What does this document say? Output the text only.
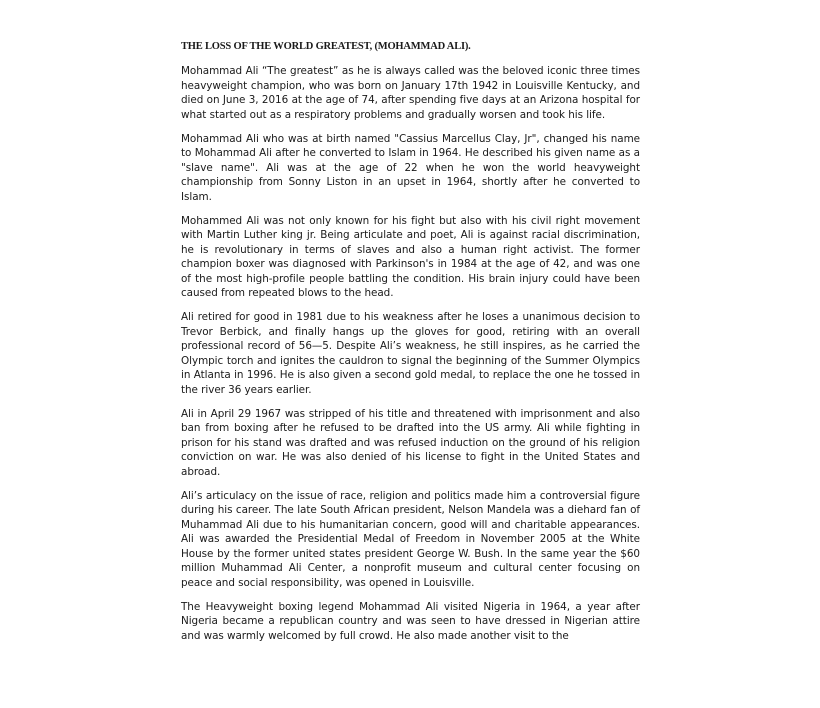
THE LOSS OF THE WORLD GREATEST, (MOHAMMAD ALI).

Mohammad Ali “The greatest” as he is always called was the beloved iconic three times heavyweight champion, who was born on January 17th 1942 in Louisville Kentucky, and died on June 3, 2016 at the age of 74, after spending five days at an Arizona hospital for what started out as a respiratory problems and gradually worsen and took his life.

Mohammad Ali who was at birth named "Cassius Marcellus Clay, Jr", changed his name to Mohammad Ali after he converted to Islam in 1964. He described his given name as a "slave name". Ali was at the age of 22 when he won the world heavyweight championship from Sonny Liston in an upset in 1964, shortly after he converted to Islam.

Mohammed Ali was not only known for his fight but also with his civil right movement with Martin Luther king jr. Being articulate and poet, Ali is against racial discrimination, he is revolutionary in terms of slaves and also a human right activist. The former champion boxer was diagnosed with Parkinson's in 1984 at the age of 42, and was one of the most high-profile people battling the condition. His brain injury could have been caused from repeated blows to the head.

Ali retired for good in 1981 due to his weakness after he loses a unanimous decision to Trevor Berbick, and finally hangs up the gloves for good, retiring with an overall professional record of 56—5. Despite Ali’s weakness, he still inspires, as he carried the Olympic torch and ignites the cauldron to signal the beginning of the Summer Olympics in Atlanta in 1996. He is also given a second gold medal, to replace the one he tossed in the river 36 years earlier.

Ali in April 29 1967 was stripped of his title and threatened with imprisonment and also ban from boxing after he refused to be drafted into the US army. Ali while fighting in prison for his stand was drafted and was refused induction on the ground of his religion conviction on war. He was also denied of his license to fight in the United States and abroad.

Ali’s articulacy on the issue of race, religion and politics made him a controversial figure during his career. The late South African president, Nelson Mandela was a diehard fan of Muhammad Ali due to his humanitarian concern, good will and charitable appearances. Ali was awarded the Presidential Medal of Freedom in November 2005 at the White House by the former united states president George W. Bush. In the same year the $60 million Muhammad Ali Center, a nonprofit museum and cultural center focusing on peace and social responsibility, was opened in Louisville.

The Heavyweight boxing legend Mohammad Ali visited Nigeria in 1964, a year after Nigeria became a republican country and was seen to have dressed in Nigerian attire and was warmly welcomed by full crowd. He also made another visit to the
